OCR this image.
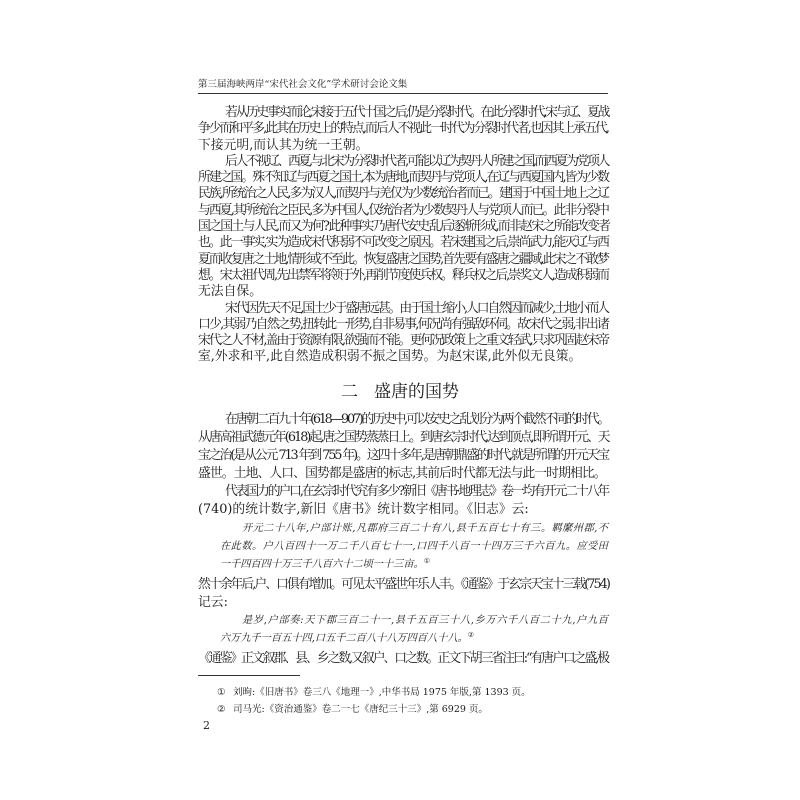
第三届海峡两岸“宋代社会文化”学术研讨会论文集
若从历史事实而论,宋接于五代十国之后,仍是分裂时代。在此分裂时代,宋与辽、夏战
争少而和平多,此其在历史上的特点,而后人不视此一时代为分裂时代者,也因其上承五代,
下接元明,而认其为统一王朝。
后人不视辽、西夏,与北宋为分裂时代者,可能以辽为契丹人所建之国,而西夏为党项人
所建之国。殊不知辽与西夏之国土,本为唐地,而契丹与党项人,在辽与西夏国内,皆为少数
民族,所统治之人民,多为汉人,而契丹与羌仅为少数统治者而已。建国于中国土地上之辽
与西夏,其所统治之臣民,多为中国人,仅统治者为少数契丹人与党项人而已。此非分裂中
国之国土与人民,而又为何?此种事实乃唐代安史乱后逐渐形成,而非赵宋之所能改变者
也。此一事实,实为造成宋代积弱不可改变之原因。若宋建国之后,崇尚武力,能灭辽与西
夏而收复唐之土地,情形或不至此。恢复盛唐之国势,首先要有盛唐之疆域,此宋之不敢梦
想。宋太祖代周,先出禁军将领于外,再削节度使兵权。释兵权之后,崇奖文人,造成积弱而
无法自保。
宋代因先天不足,国土少于盛唐远甚。由于国土缩小,人口自然因而减少,土地小而人
口少,其弱乃自然之势,扭转此一形势,自非易事,何况尚有强敌环伺。故宋代之弱,非出诸
宋代之人不材,盖由于资源有限,欲强而不能。更何况政策上之重文轻武,只求巩固赵宋帝
室,外求和平,此自然造成积弱不振之国势。为赵宋谋,此外似无良策。
二 盛唐的国势
在唐朝二百九十年(618—907)的历史中,可以安史之乱划分为两个截然不同的时代。
从唐高祖武德元年(618)起,唐之国势蒸蒸日上。到唐玄宗时代,达到顶点,即所谓开元、天
宝之治(是从公元 713 年到 755 年)。这四十多年,是唐朝鼎盛的时代,就是所谓的开元天宝
盛世。土地、人口、国势都是盛唐的标志,其前后时代都无法与此一时期相比。
代表国力的户口,在玄宗时代究有多少?新旧《唐书·地理志》卷一均有开元二十八年
(740)的统计数字,新旧《唐书》统计数字相同。《旧志》云:
开元二十八年,户部计账,凡郡府三百二十有八,县千五百七十有三。羁縻州郡,不
在此数。户八百四十一万二千八百七十一,口四千八百一十四万三千六百九。应受田
一千四百四十万三千八百六十二顷一十三亩。①
然十余年后,户、口俱有增加。可见太平盛世年乐人丰。《通鉴》于玄宗天宝十三载(754)
记云:
是岁,户部奏:天下郡三百二十一,县千五百三十八,乡万六千八百二十九,户九百
六万九千一百五十四,口五千二百八十八万四百八十八。②
《通鉴》正文叙郡、县、乡之数,又叙户、口之数。正文下胡三省注曰:“有唐户口之盛,极
① 刘昫:《旧唐书》卷三八《地理一》,中华书局 1975 年版,第 1393 页。
② 司马光:《资治通鉴》卷二一七《唐纪三十三》,第 6929 页。
2
